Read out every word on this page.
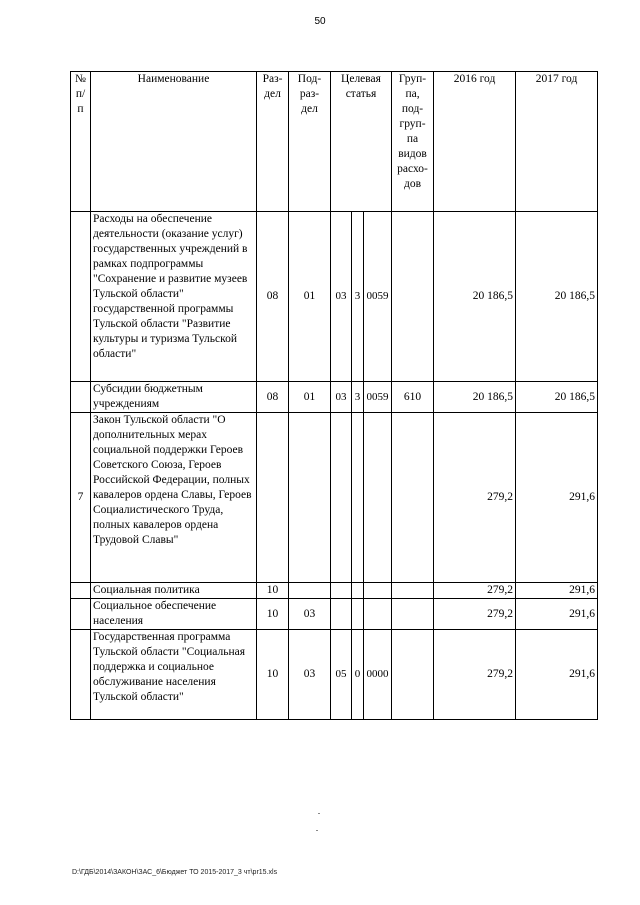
50
№ п/п	Наименование	Раз- дел	Под- раз- дел	Целевая статья			Груп- па, под- груп- па видов расхо- дов	2016 год	2017 год
	Расходы на обеспечение деятельности (оказание услуг) государственных учреждений в рамках подпрограммы "Сохранение и развитие музеев Тульской области" государственной программы Тульской области "Развитие культуры и туризма Тульской области"	08	01	03	3	0059		20 186,5	20 186,5
	Субсидии бюджетным учреждениям	08	01	03	3	0059	610	20 186,5	20 186,5
7	Закон Тульской области "О дополнительных мерах социальной поддержки Героев Советского Союза, Героев Российской Федерации, полных кавалеров ордена Славы, Героев Социалистического Труда, полных кавалеров ордена Трудовой Славы"							279,2	291,6
	Социальная политика	10						279,2	291,6
	Социальное обеспечение населения	10	03					279,2	291,6
	Государственная программа Тульской области "Социальная поддержка и социальное обслуживание населения Тульской области"	10	03	05	0	0000		279,2	291,6
D:\ГДБ\2014\ЗАКОН\ЗАС_6\Бюджет ТО 2015-2017_3 чт\pr15.xls
